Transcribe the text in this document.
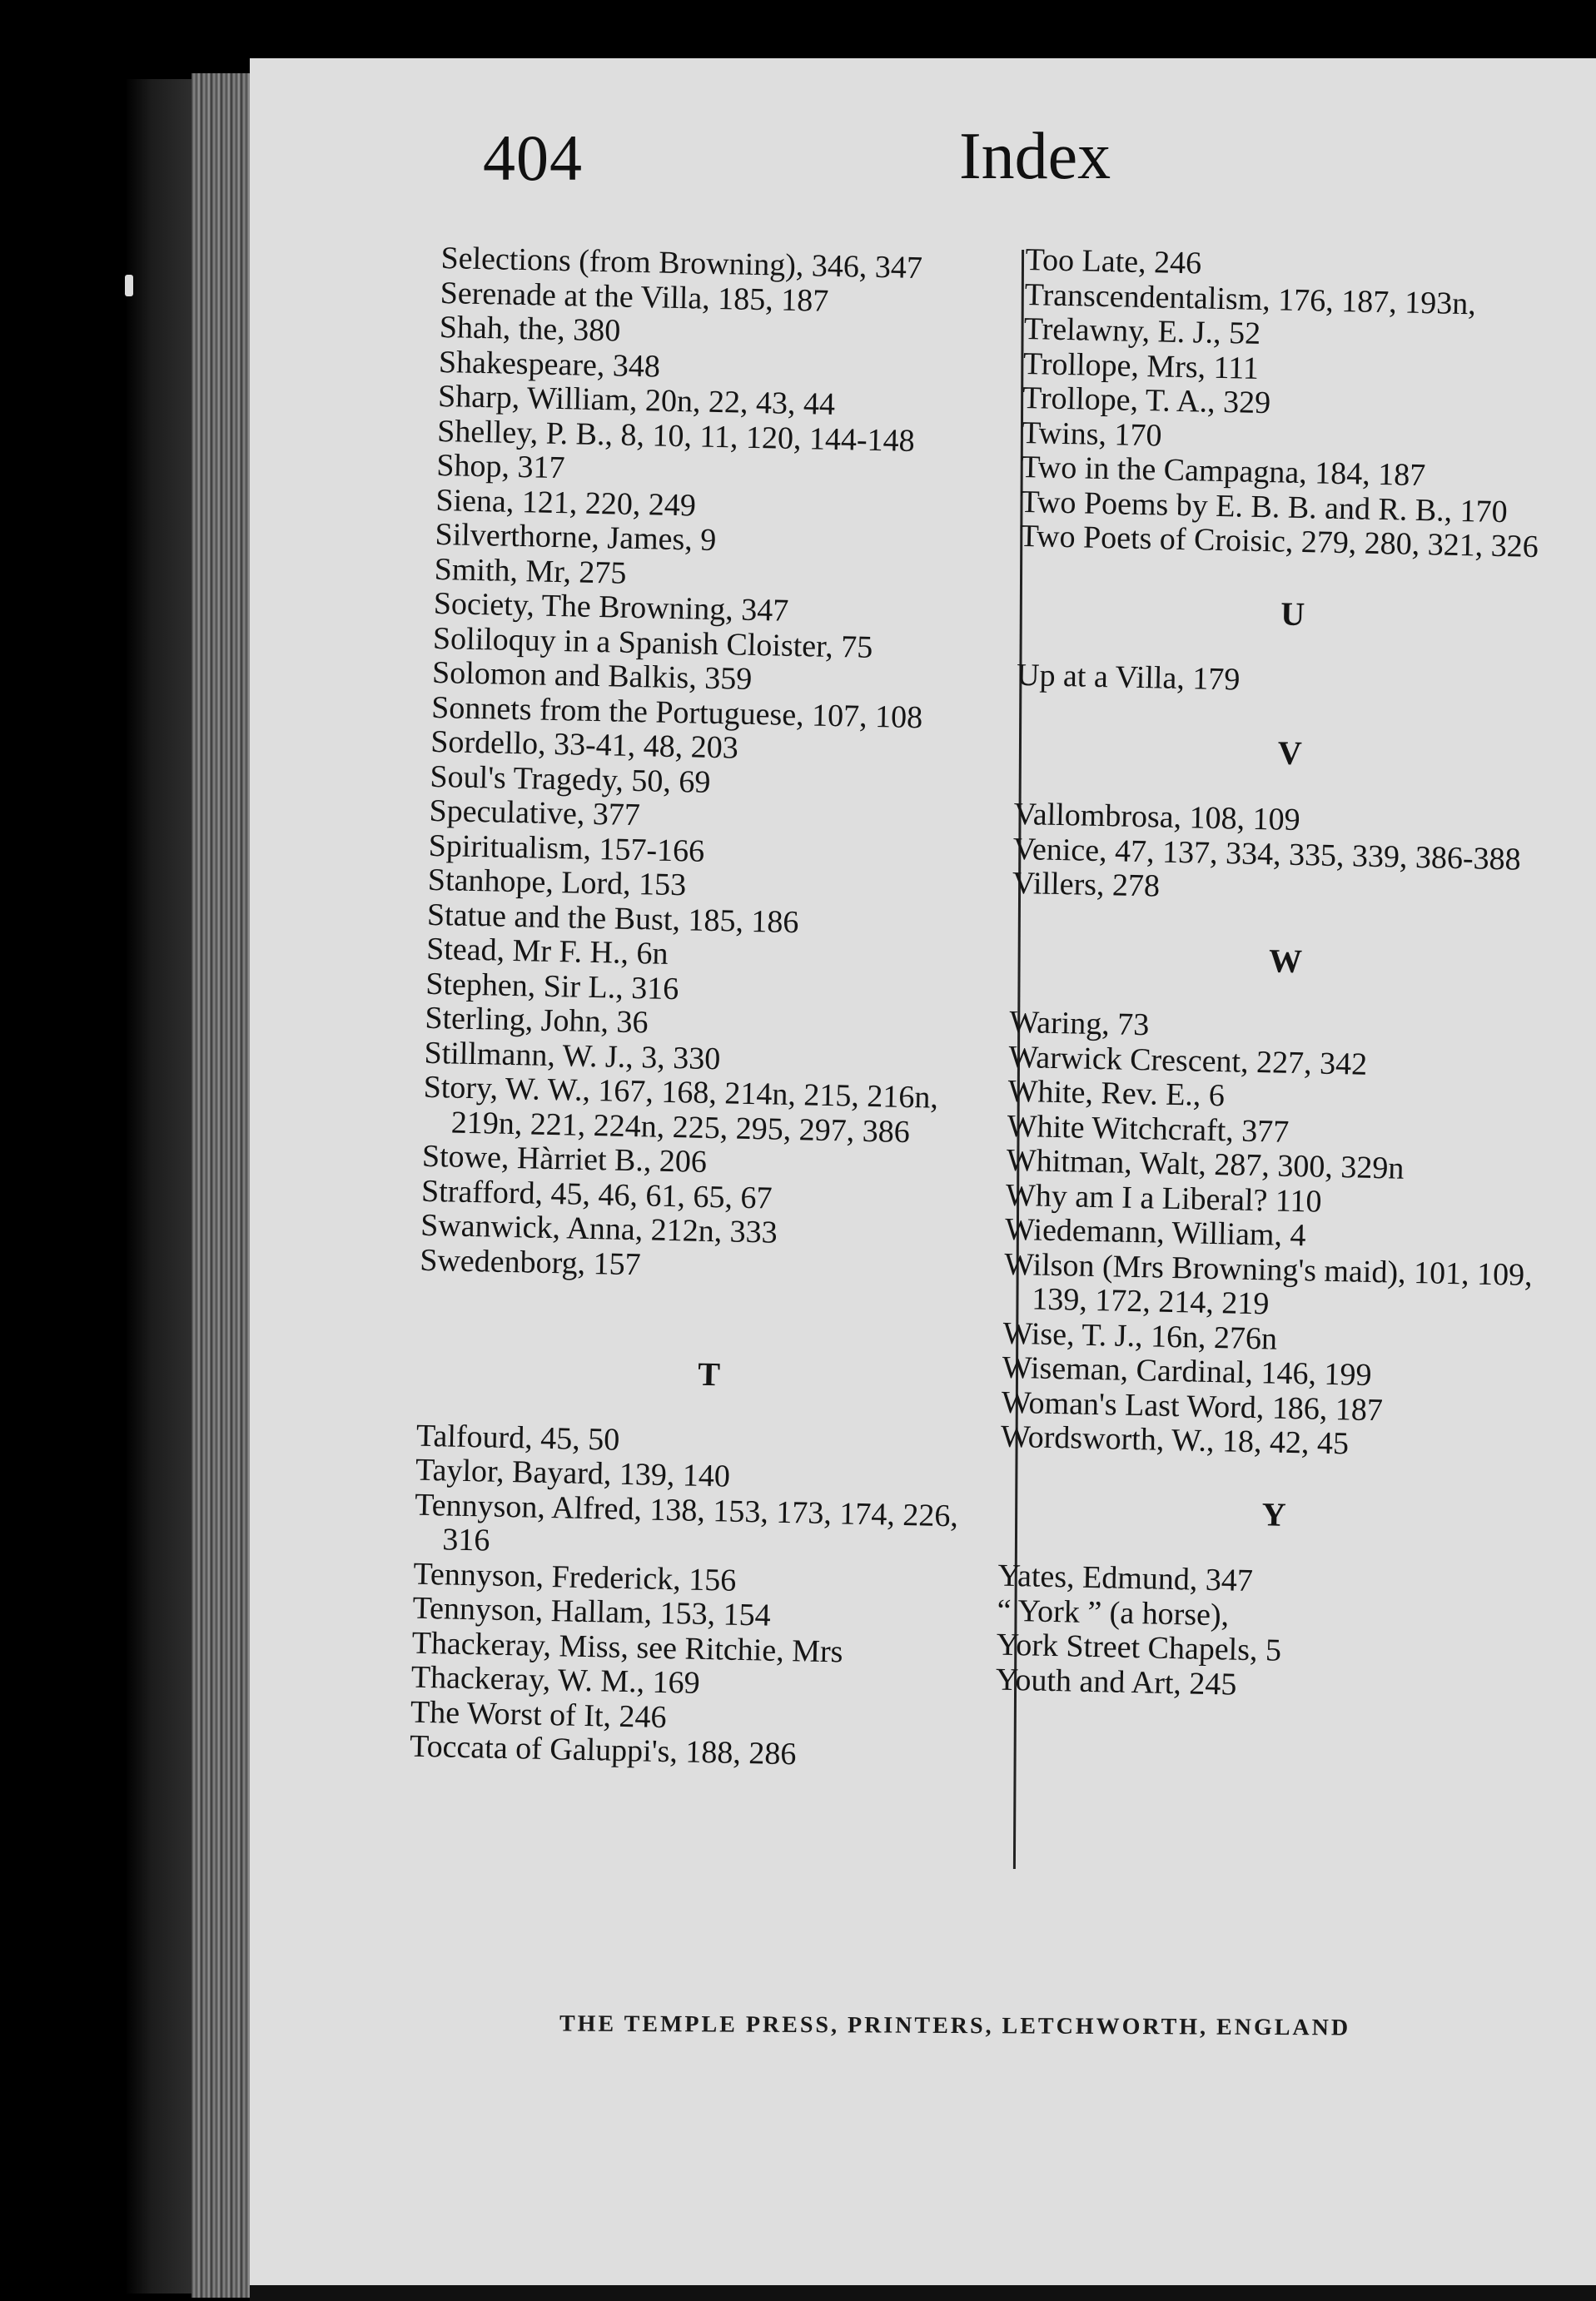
404	Index
Selections (from Browning), 346, 347
Serenade at the Villa, 185, 187
Shah, the, 380
Shakespeare, 348
Sharp, William, 20n, 22, 43, 44
Shelley, P. B., 8, 10, 11, 120, 144-148
Shop, 317
Siena, 121, 220, 249
Silverthorne, James, 9
Smith, Mr, 275
Society, The Browning, 347
Soliloquy in a Spanish Cloister, 75
Solomon and Balkis, 359
Sonnets from the Portuguese, 107, 108
Sordello, 33-41, 48, 203
Soul's Tragedy, 50, 69
Speculative, 377
Spiritualism, 157-166
Stanhope, Lord, 153
Statue and the Bust, 185, 186
Stead, Mr F. H., 6n
Stephen, Sir L., 316
Sterling, John, 36
Stillmann, W. J., 3, 330
Story, W. W., 167, 168, 214n, 215, 216n, 219n, 221, 224n, 225, 295, 297, 386
Stowe, Hàrriet B., 206
Strafford, 45, 46, 61, 65, 67
Swanwick, Anna, 212n, 333
Swedenborg, 157
T
Talfourd, 45, 50
Taylor, Bayard, 139, 140
Tennyson, Alfred, 138, 153, 173, 174, 226, 316
Tennyson, Frederick, 156
Tennyson, Hallam, 153, 154
Thackeray, Miss, see Ritchie, Mrs
Thackeray, W. M., 169
The Worst of It, 246
Toccata of Galuppi's, 188, 286
Too Late, 246
Transcendentalism, 176, 187, 193n,
Trelawny, E. J., 52
Trollope, Mrs, 111
Trollope, T. A., 329
Twins, 170
Two in the Campagna, 184, 187
Two Poems by E. B. B. and R. B., 170
Two Poets of Croisic, 279, 280, 321, 326
U
Up at a Villa, 179
V
Vallombrosa, 108, 109
Venice, 47, 137, 334, 335, 339, 386-388
Villers, 278
W
Waring, 73
Warwick Crescent, 227, 342
White, Rev. E., 6
White Witchcraft, 377
Whitman, Walt, 287, 300, 329n
Why am I a Liberal? 110
Wiedemann, William, 4
Wilson (Mrs Browning's maid), 101, 109, 139, 172, 214, 219
Wise, T. J., 16n, 276n
Wiseman, Cardinal, 146, 199
Woman's Last Word, 186, 187
Wordsworth, W., 18, 42, 45
Y
Yates, Edmund, 347
“ York ” (a horse),
York Street Chapels, 5
Youth and Art, 245
THE TEMPLE PRESS, PRINTERS, LETCHWORTH, ENGLAND
